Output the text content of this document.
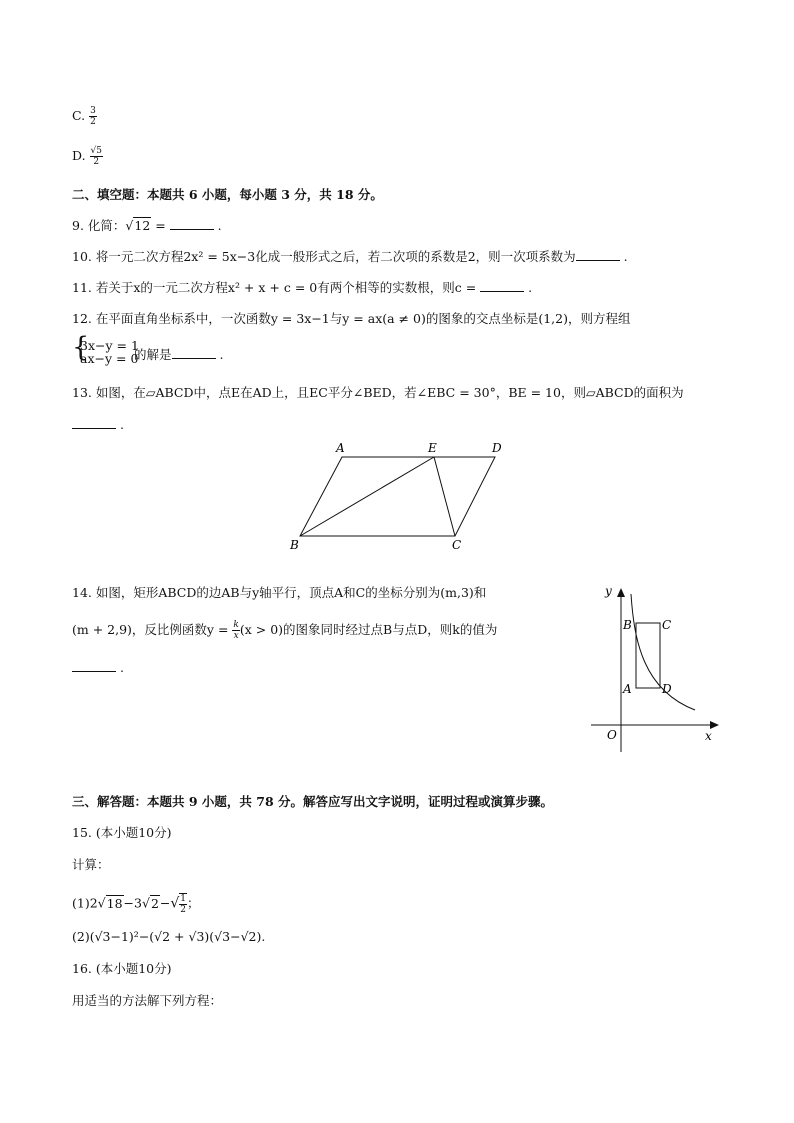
C. $\frac{3}{2}$
D. $\frac{√5}{2}$
二、填空题：本题共 6 小题，每小题 3 分，共 18 分。
9. 化简：√12 =	.
10. 将一元二次方程2x² = 5x−3化成一般形式之后，若二次项的系数是2，则一次项系数为	.
11. 若关于x的一元二次方程x² + x + c = 0有两个相等的实数根，则c =	.
12. 在平面直角坐标系中，一次函数y = 3x−1与y = ax(a ≠ 0)的图象的交点坐标是(1,2)，则方程组
{
3x−y = 1
ax−y = 0
的解是	.
13. 如图，在▱ABCD中，点E在AD上，且EC平分∠BED，若∠EBC = 30°，BE = 10，则▱ABCD的面积为
.
A	E	D
B	C
14. 如图，矩形ABCD的边AB与y轴平行，顶点A和C的坐标分别为(m,3)和
(m + 2,9)，反比例函数$y = \frac{k}{x} (x > 0)$的图象同时经过点B与点D，则k的值为
.
y
x
O
A
B	C
D
三、解答题：本题共 9 小题，共 78 分。解答应写出文字说明，证明过程或演算步骤。
15. (本小题10分)
计算：
$(1)2√18-3√2-√ \frac{1}{2}$ ；
(2)(√3−1)²−(√2 + √3)(√3−√2).
16. (本小题10分)
用适当的方法解下列方程：
